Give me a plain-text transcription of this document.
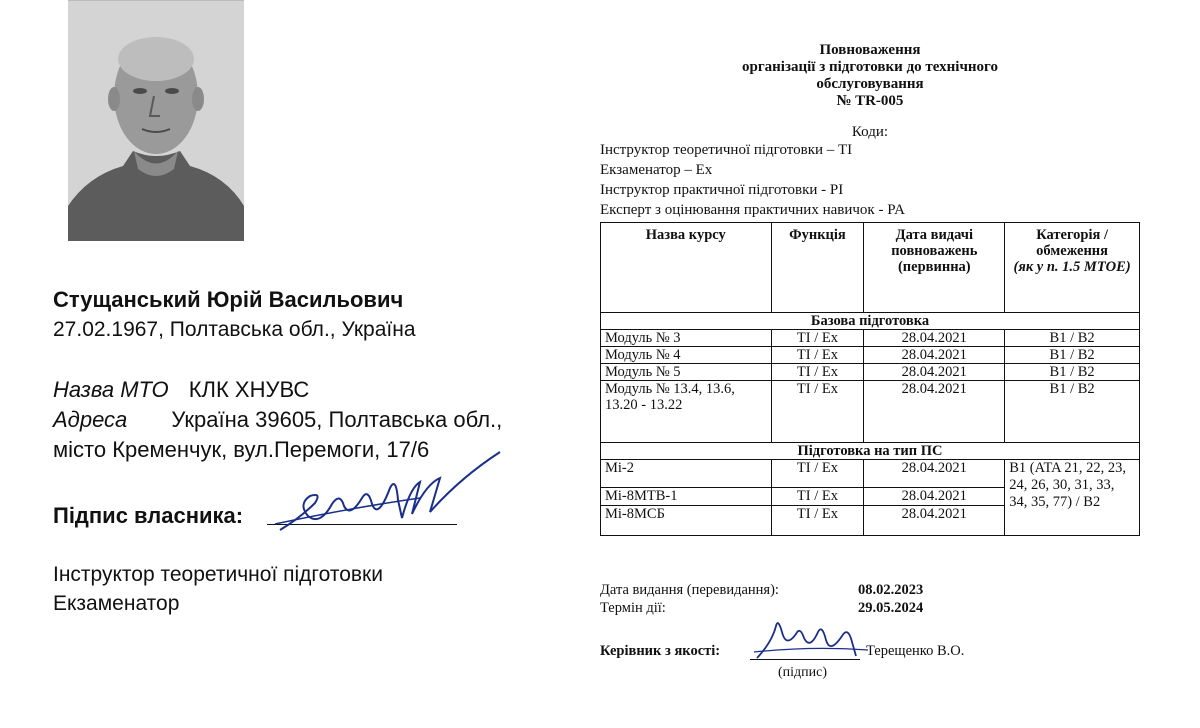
Стущанський Юрій Васильович
27.02.1967, Полтавська обл., Україна
Назва МТО КЛК ХНУВС
Адреса Україна 39605, Полтавська обл.,
місто Кременчук, вул.Перемоги, 17/6
Підпис власника:
Інструктор теоретичної підготовки
Екзаменатор
Повноваження
організації з підготовки до технічного
обслуговування
№ TR-005
Коди:
Інструктор теоретичної підготовки – TI
Екзаменатор – Ex
Інструктор практичної підготовки - PI
Експерт з оцінювання практичних навичок - PA
Назва курсу	Функція	Дата видачі повноважень (первинна)	Категорія / обмеження
(як у п. 1.5 МТОЕ)
Базова підготовка			
Модуль № 3	TI / Ex	28.04.2021	B1 / B2
Модуль № 4	TI / Ex	28.04.2021	B1 / B2
Модуль № 5	TI / Ex	28.04.2021	B1 / B2
Модуль № 13.4, 13.6, 13.20 - 13.22	TI / Ex	28.04.2021	B1 / B2
Підготовка на тип ПС			
Mi-2	TI / Ex	28.04.2021	B1 (ATA 21, 22, 23, 24, 26, 30, 31, 33, 34, 35, 77) / B2
Mi-8МТВ-1	TI / Ex	28.04.2021	
Mi-8МСБ	TI / Ex	28.04.2021	
Дата видання (перевидання):	08.02.2023
Термін дії:	29.05.2024
Керівник з якості:	Терещенко В.О.
(підпис)
